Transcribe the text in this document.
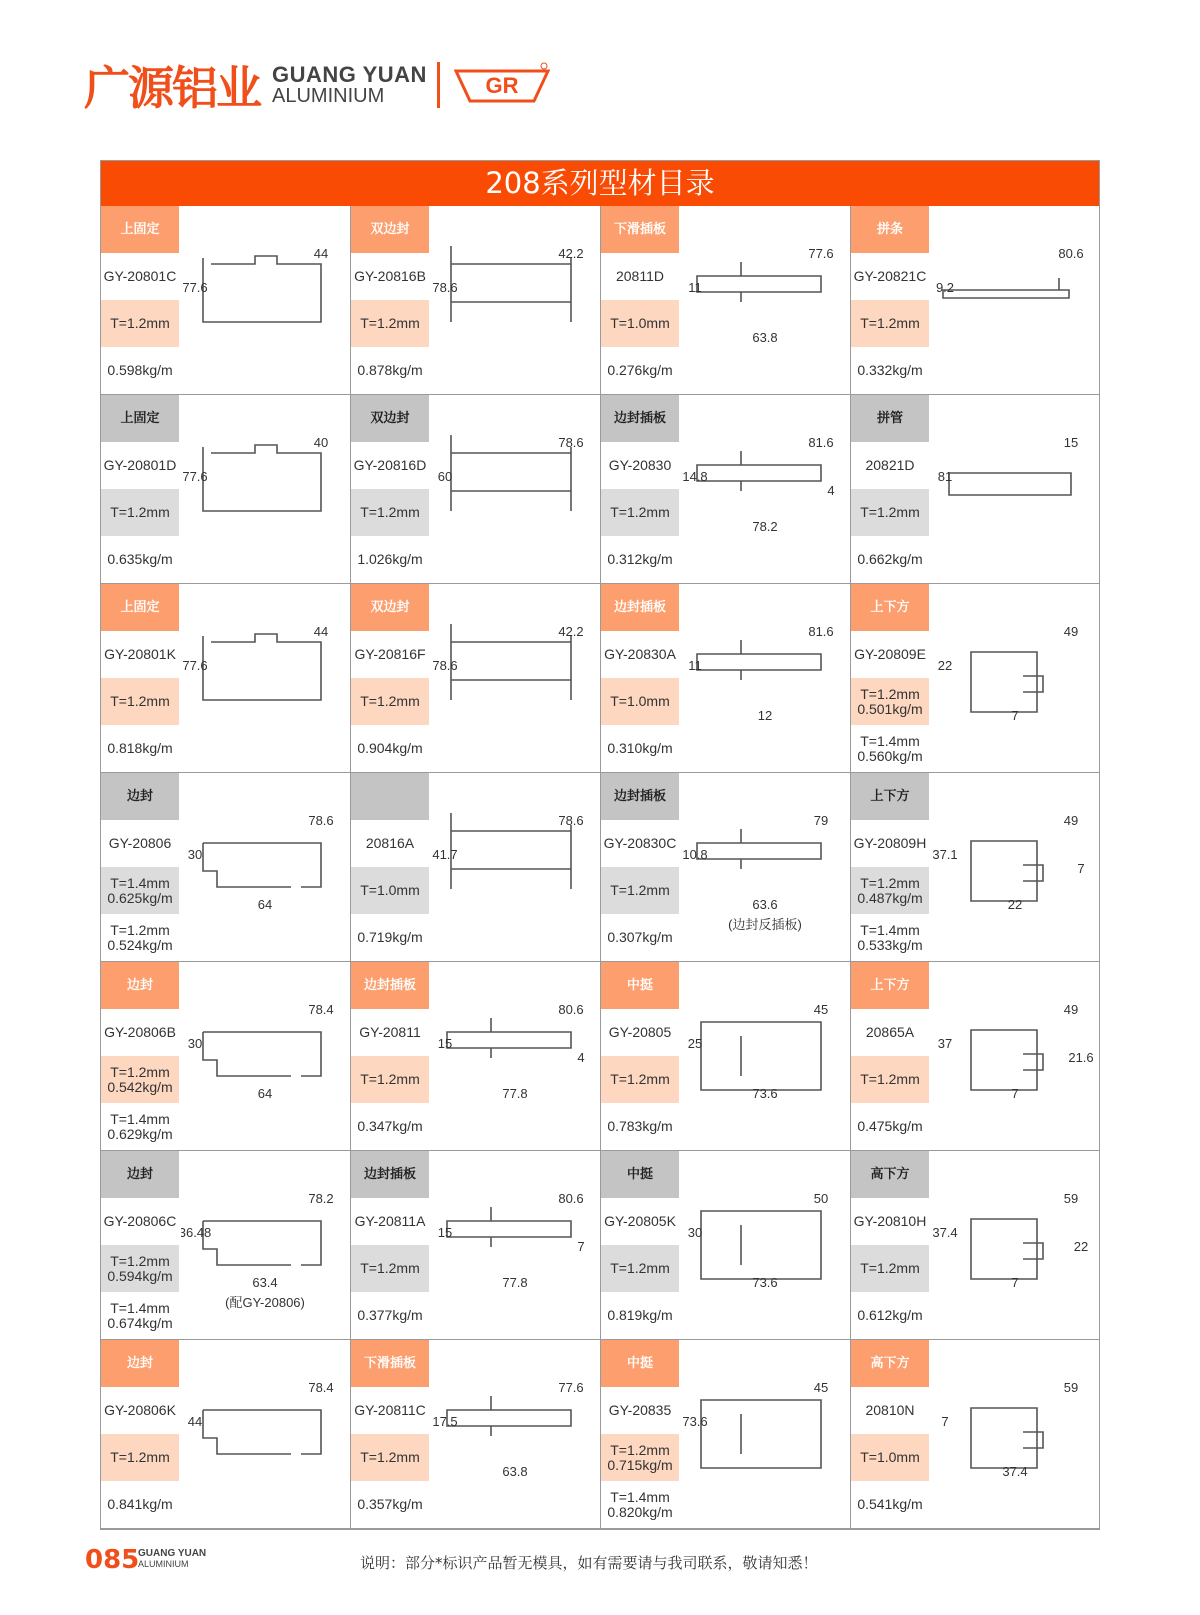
广源铝业 GUANG YUAN
ALUMINIUM	GR
208系列型材目录
上固定
GY-20801C
T=1.2mm
0.598kg/m
44
77.6
双边封
GY-20816B
T=1.2mm
0.878kg/m
42.2
78.6
下滑插板
20811D
T=1.0mm
0.276kg/m
77.6
11
63.8
拼条
GY-20821C
T=1.2mm
0.332kg/m
80.6
9.2
上固定
GY-20801D
T=1.2mm
0.635kg/m
40
77.6
双边封
GY-20816D
T=1.2mm
1.026kg/m
78.6
60
边封插板
GY-20830
T=1.2mm
0.312kg/m
81.6
14.8
78.2
4
拼管
20821D
T=1.2mm
0.662kg/m
15
81
上固定
GY-20801K
T=1.2mm
0.818kg/m
44
77.6
双边封
GY-20816F
T=1.2mm
0.904kg/m
42.2
78.6
边封插板
GY-20830A
T=1.0mm
0.310kg/m
81.6
11
12
上下方
GY-20809E
T=1.2mm
0.501kg/m
T=1.4mm
0.560kg/m
49
22
7
边封
GY-20806
T=1.4mm
0.625kg/m
T=1.2mm
0.524kg/m
78.6
30
64
20816A
T=1.0mm
0.719kg/m
78.6
41.7
边封插板
GY-20830C
T=1.2mm
0.307kg/m
79
10.8
63.6
(边封反插板)
上下方
GY-20809H
T=1.2mm
0.487kg/m
T=1.4mm
0.533kg/m
49
37.1
22
7
边封
GY-20806B
T=1.2mm
0.542kg/m
T=1.4mm
0.629kg/m
78.4
30
64
边封插板
GY-20811
T=1.2mm
0.347kg/m
80.6
15
77.8
4
中挺
GY-20805
T=1.2mm
0.783kg/m
45
25
73.6
上下方
20865A
T=1.2mm
0.475kg/m
49
37
7
21.6
边封
GY-20806C
T=1.2mm
0.594kg/m
T=1.4mm
0.674kg/m
78.2
36.48
63.4
(配GY-20806)
边封插板
GY-20811A
T=1.2mm
0.377kg/m
80.6
15
77.8
7
中挺
GY-20805K
T=1.2mm
0.819kg/m
50
30
73.6
高下方
GY-20810H
T=1.2mm
0.612kg/m
59
37.4
7
22
边封
GY-20806K
T=1.2mm
0.841kg/m
78.4
44
下滑插板
GY-20811C
T=1.2mm
0.357kg/m
77.6
17.5
63.8
中挺
GY-20835
T=1.2mm
0.715kg/m
T=1.4mm
0.820kg/m
45
73.6
高下方
20810N
T=1.0mm
0.541kg/m
59
7
37.4
085
GUANG YUAN
ALUMINIUM	说明：部分*标识产品暂无模具，如有需要请与我司联系，敬请知悉！
